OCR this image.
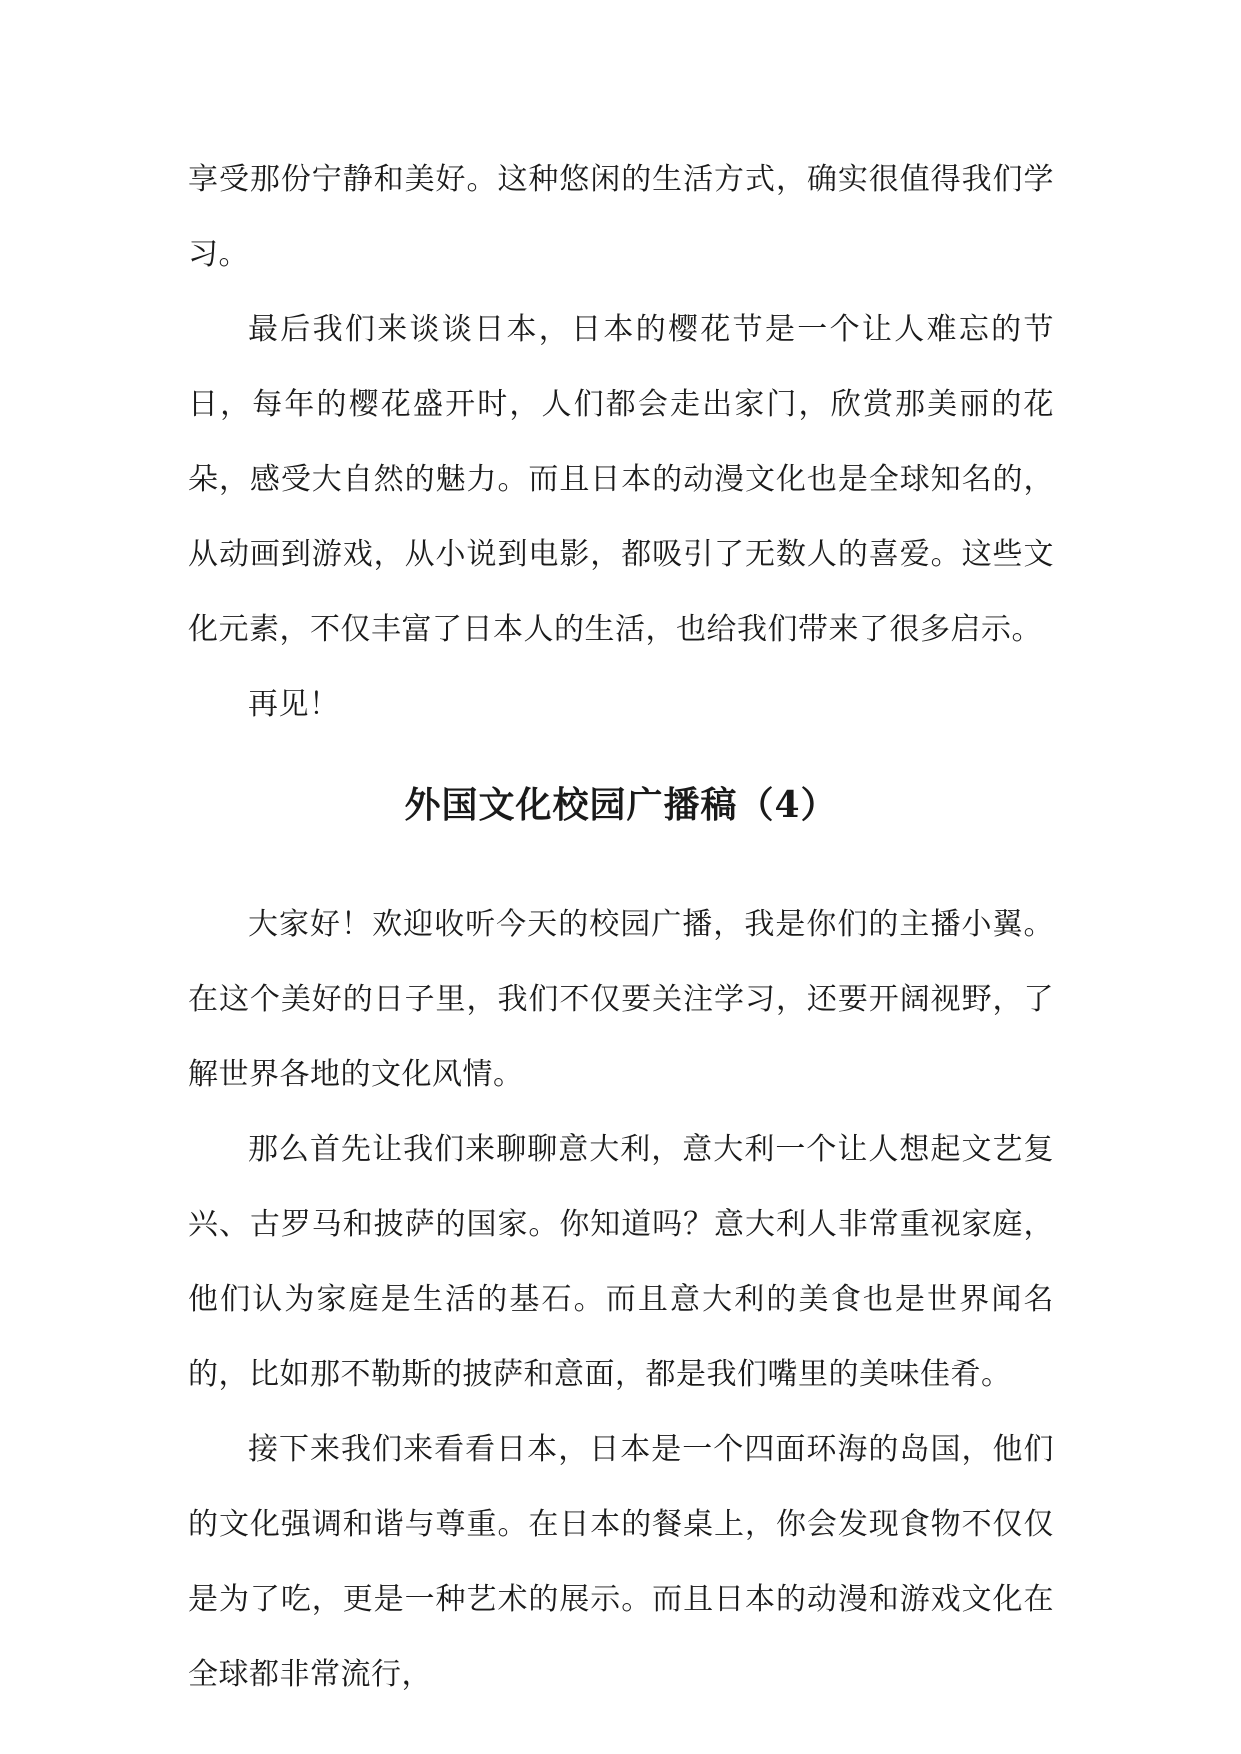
享受那份宁静和美好。这种悠闲的生活方式，确实很值得我们学习。

最后我们来谈谈日本，日本的樱花节是一个让人难忘的节日，每年的樱花盛开时，人们都会走出家门，欣赏那美丽的花朵，感受大自然的魅力。而且日本的动漫文化也是全球知名的，从动画到游戏，从小说到电影，都吸引了无数人的喜爱。这些文化元素，不仅丰富了日本人的生活，也给我们带来了很多启示。

再见！

外国文化校园广播稿（4）

大家好！欢迎收听今天的校园广播，我是你们的主播小翼。在这个美好的日子里，我们不仅要关注学习，还要开阔视野，了解世界各地的文化风情。

那么首先让我们来聊聊意大利，意大利一个让人想起文艺复兴、古罗马和披萨的国家。你知道吗？意大利人非常重视家庭，他们认为家庭是生活的基石。而且意大利的美食也是世界闻名的，比如那不勒斯的披萨和意面，都是我们嘴里的美味佳肴。

接下来我们来看看日本，日本是一个四面环海的岛国，他们的文化强调和谐与尊重。在日本的餐桌上，你会发现食物不仅仅是为了吃，更是一种艺术的展示。而且日本的动漫和游戏文化在全球都非常流行，
